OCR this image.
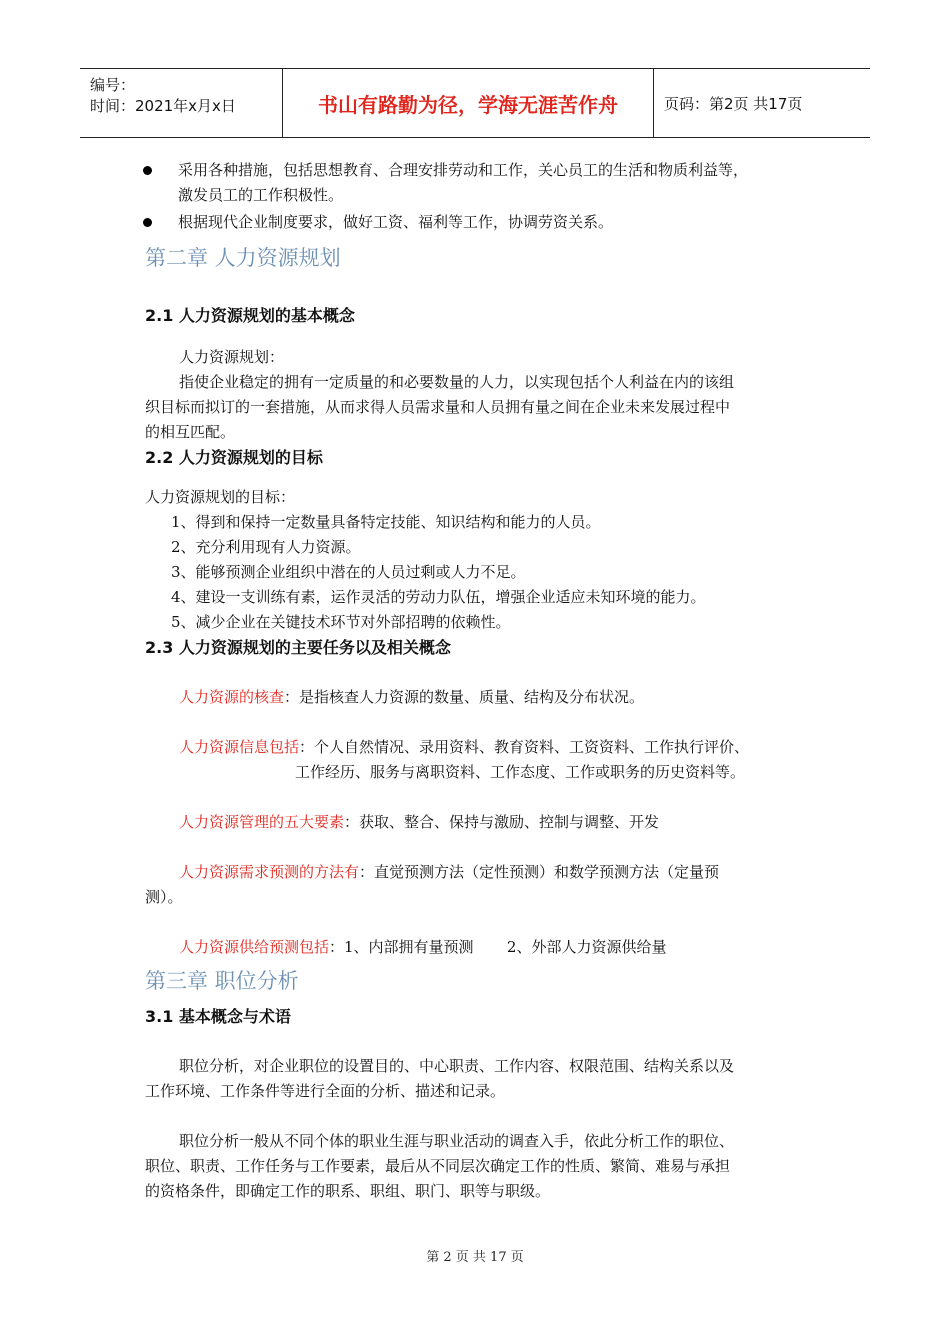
编号：
时间：2021年x月x日	书山有路勤为径，学海无涯苦作舟	页码：第2页 共17页
采用各种措施，包括思想教育、合理安排劳动和工作，关心员工的生活和物质利益等，
激发员工的工作积极性。
根据现代企业制度要求，做好工资、福利等工作，协调劳资关系。
第二章 人力资源规划
2.1 人力资源规划的基本概念
人力资源规划：
指使企业稳定的拥有一定质量的和必要数量的人力，以实现包括个人利益在内的该组
织目标而拟订的一套措施，从而求得人员需求量和人员拥有量之间在企业未来发展过程中
的相互匹配。
2.2 人力资源规划的目标
人力资源规划的目标：
1、得到和保持一定数量具备特定技能、知识结构和能力的人员。
2、充分利用现有人力资源。
3、能够预测企业组织中潜在的人员过剩或人力不足。
4、建设一支训练有素，运作灵活的劳动力队伍，增强企业适应未知环境的能力。
5、减少企业在关键技术环节对外部招聘的依赖性。
2.3 人力资源规划的主要任务以及相关概念
人力资源的核查：是指核查人力资源的数量、质量、结构及分布状况。
人力资源信息包括：个人自然情况、录用资料、教育资料、工资资料、工作执行评价、
工作经历、服务与离职资料、工作态度、工作或职务的历史资料等。
人力资源管理的五大要素：获取、整合、保持与激励、控制与调整、开发
人力资源需求预测的方法有：直觉预测方法（定性预测）和数学预测方法（定量预
测）。
人力资源供给预测包括：1、内部拥有量预测       2、外部人力资源供给量
第三章 职位分析
3.1 基本概念与术语
职位分析，对企业职位的设置目的、中心职责、工作内容、权限范围、结构关系以及
工作环境、工作条件等进行全面的分析、描述和记录。
职位分析一般从不同个体的职业生涯与职业活动的调查入手，依此分析工作的职位、
职位、职责、工作任务与工作要素，最后从不同层次确定工作的性质、繁简、难易与承担
的资格条件，即确定工作的职系、职组、职门、职等与职级。
第 2 页 共 17 页
